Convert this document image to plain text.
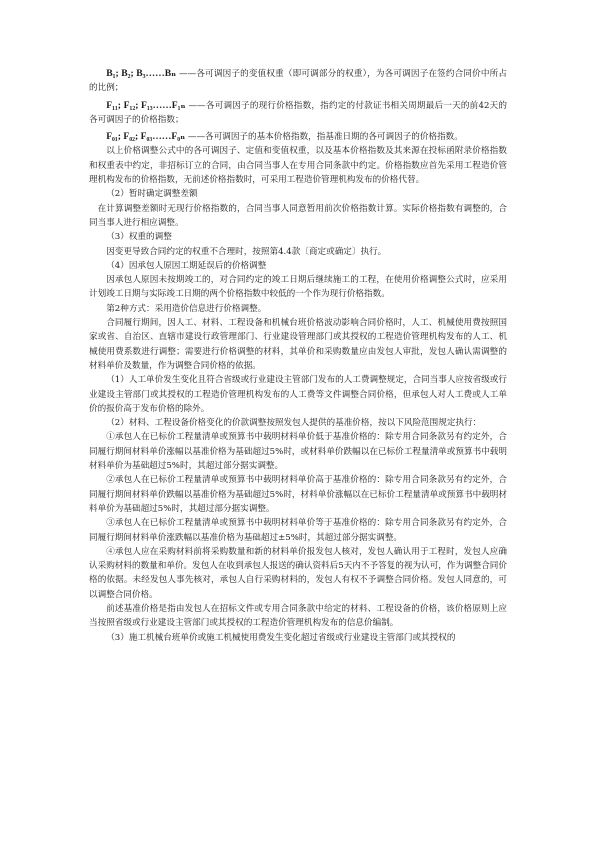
B₁; B₂; B₃……Bₙ ——各可调因子的变值权重（即可调部分的权重），为各可调因子在签约合同价中所占的比例；

F₁₁; F₁₂; F₁₃……F₁ₙ ——各可调因子的现行价格指数，指约定的付款证书相关周期最后一天的前42天的各可调因子的价格指数；

F₀₁; F₀₂; F₀₃……F₀ₙ ——各可调因子的基本价格指数，指基准日期的各可调因子的价格指数。

以上价格调整公式中的各可调因子、定值和变值权重，以及基本价格指数及其来源在投标函附录价格指数和权重表中约定，非招标订立的合同，由合同当事人在专用合同条款中约定。价格指数应首先采用工程造价管理机构发布的价格指数，无前述价格指数时，可采用工程造价管理机构发布的价格代替。

（2）暂时确定调整差额

在计算调整差额时无现行价格指数的，合同当事人同意暂用前次价格指数计算。实际价格指数有调整的，合同当事人进行相应调整。

（3）权重的调整

因变更导致合同约定的权重不合理时，按照第4.4款〔商定或确定〕执行。

（4）因承包人原因工期延误后的价格调整

因承包人原因未按期竣工的，对合同约定的竣工日期后继续施工的工程，在使用价格调整公式时，应采用计划竣工日期与实际竣工日期的两个价格指数中较低的一个作为现行价格指数。

第2种方式：采用造价信息进行价格调整。

合同履行期间，因人工、材料、工程设备和机械台班价格波动影响合同价格时，人工、机械使用费按照国家或省、自治区、直辖市建设行政管理部门、行业建设管理部门或其授权的工程造价管理机构发布的人工、机械使用费系数进行调整；需要进行价格调整的材料，其单价和采购数量应由发包人审批，发包人确认需调整的材料单价及数量，作为调整合同价格的依据。

（1）人工单价发生变化且符合省级或行业建设主管部门发布的人工费调整规定，合同当事人应按省级或行业建设主管部门或其授权的工程造价管理机构发布的人工费等文件调整合同价格，但承包人对人工费或人工单价的报价高于发布价格的除外。

（2）材料、工程设备价格变化的价款调整按照发包人提供的基准价格，按以下风险范围规定执行：

①承包人在已标价工程量清单或预算书中载明材料单价低于基准价格的：除专用合同条款另有约定外，合同履行期间材料单价涨幅以基准价格为基础超过5%时，或材料单价跌幅以在已标价工程量清单或预算书中载明材料单价为基础超过5%时，其超过部分据实调整。

②承包人在已标价工程量清单或预算书中载明材料单价高于基准价格的：除专用合同条款另有约定外，合同履行期间材料单价跌幅以基准价格为基础超过5%时，材料单价涨幅以在已标价工程量清单或预算书中载明材料单价为基础超过5%时，其超过部分据实调整。

③承包人在已标价工程量清单或预算书中载明材料单价等于基准价格的：除专用合同条款另有约定外，合同履行期间材料单价涨跌幅以基准价格为基础超过±5%时，其超过部分据实调整。

④承包人应在采购材料前将采购数量和新的材料单价报发包人核对，发包人确认用于工程时，发包人应确认采购材料的数量和单价。发包人在收到承包人报送的确认资料后5天内不予答复的视为认可，作为调整合同价格的依据。未经发包人事先核对，承包人自行采购材料的，发包人有权不予调整合同价格。发包人同意的，可以调整合同价格。

前述基准价格是指由发包人在招标文件或专用合同条款中给定的材料、工程设备的价格，该价格原则上应当按照省级或行业建设主管部门或其授权的工程造价管理机构发布的信息价编制。

（3）施工机械台班单价或施工机械使用费发生变化超过省级或行业建设主管部门或其授权的
